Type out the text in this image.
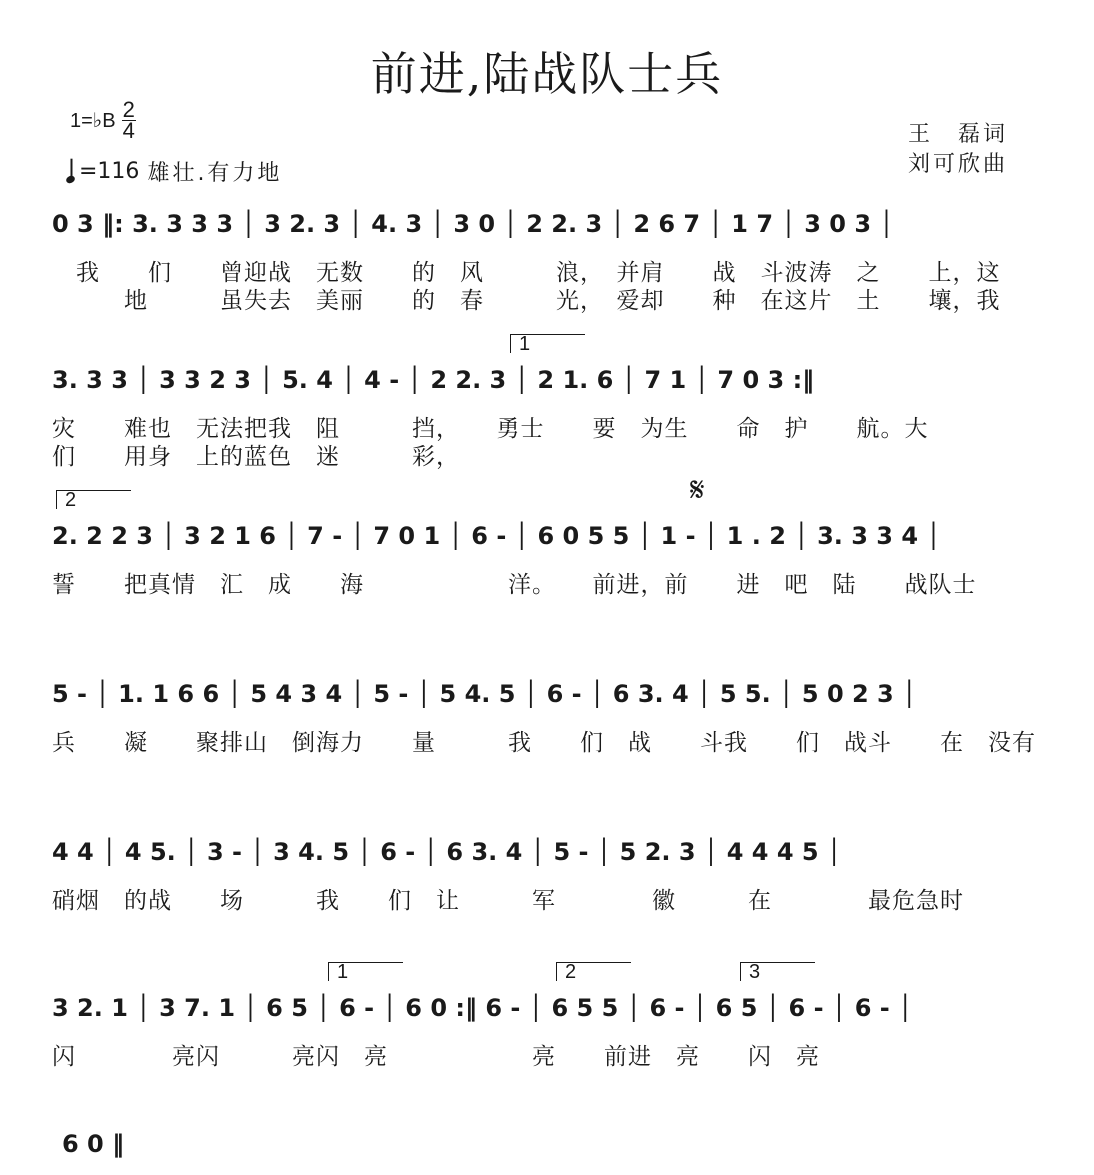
前进,陆战队士兵
1=♭B 2
4
=116 雄壮.有力地
王　磊词
刘可欣曲
0 3 ‖: 3. 3 3 3 │ 3 2. 3 │ 4. 3 │ 3 0 │ 2 2. 3 │ 2 6 7 │ 1 7 │ 3 0 3 │
　我　　们　　曾迎战　无数　　的　风　　　浪，　并肩　　战　斗波涛　之　　上，这
　　　地　　　虽失去　美丽　　的　春　　　光，　爱却　　种　在这片　土　　壤，我
1
3. 3 3 │ 3 3 2 3 │ 5. 4 │ 4 - │ 2 2. 3 │ 2 1. 6 │ 7 1 │ 7 0 3 :‖
灾　　难也　无法把我　阻　　　挡，　　勇士　　要　为生　　命　护　　航。大
们　　用身　上的蓝色　迷　　　彩，
2	𝄋
2. 2 2 3 │ 3 2 1 6 │ 7 - │ 7 0 1 │ 6 - │ 6 0 5 5 │ 1 - │ 1 . 2 │ 3. 3 3 4 │
誓　　把真情　汇　成　　海　　　　　　洋。　　前进，前　　进　吧　陆　　战队士
5 - │ 1. 1 6 6 │ 5 4 3 4 │ 5 - │ 5 4. 5 │ 6 - │ 6 3. 4 │ 5 5. │ 5 0 2 3 │
兵　　凝　　聚排山　倒海力　　量　　　我　　们　战　　斗我　　们　战斗　　在　没有
4 4 │ 4 5. │ 3 - │ 3 4. 5 │ 6 - │ 6 3. 4 │ 5 - │ 5 2. 3 │ 4 4 4 5 │
硝烟　的战　　场　　　我　　们　让　　　军　　　　徽　　　在　　　　最危急时
1	2	3
3 2. 1 │ 3 7. 1 │ 6 5 │ 6 - │ 6 0 :‖ 6 - │ 6 5 5 │ 6 - │ 6 5 │ 6 - │ 6 - │
闪　　　　亮闪　　　亮闪　亮　　　　　　亮　　前进　亮　　闪　亮
6 0 ‖
